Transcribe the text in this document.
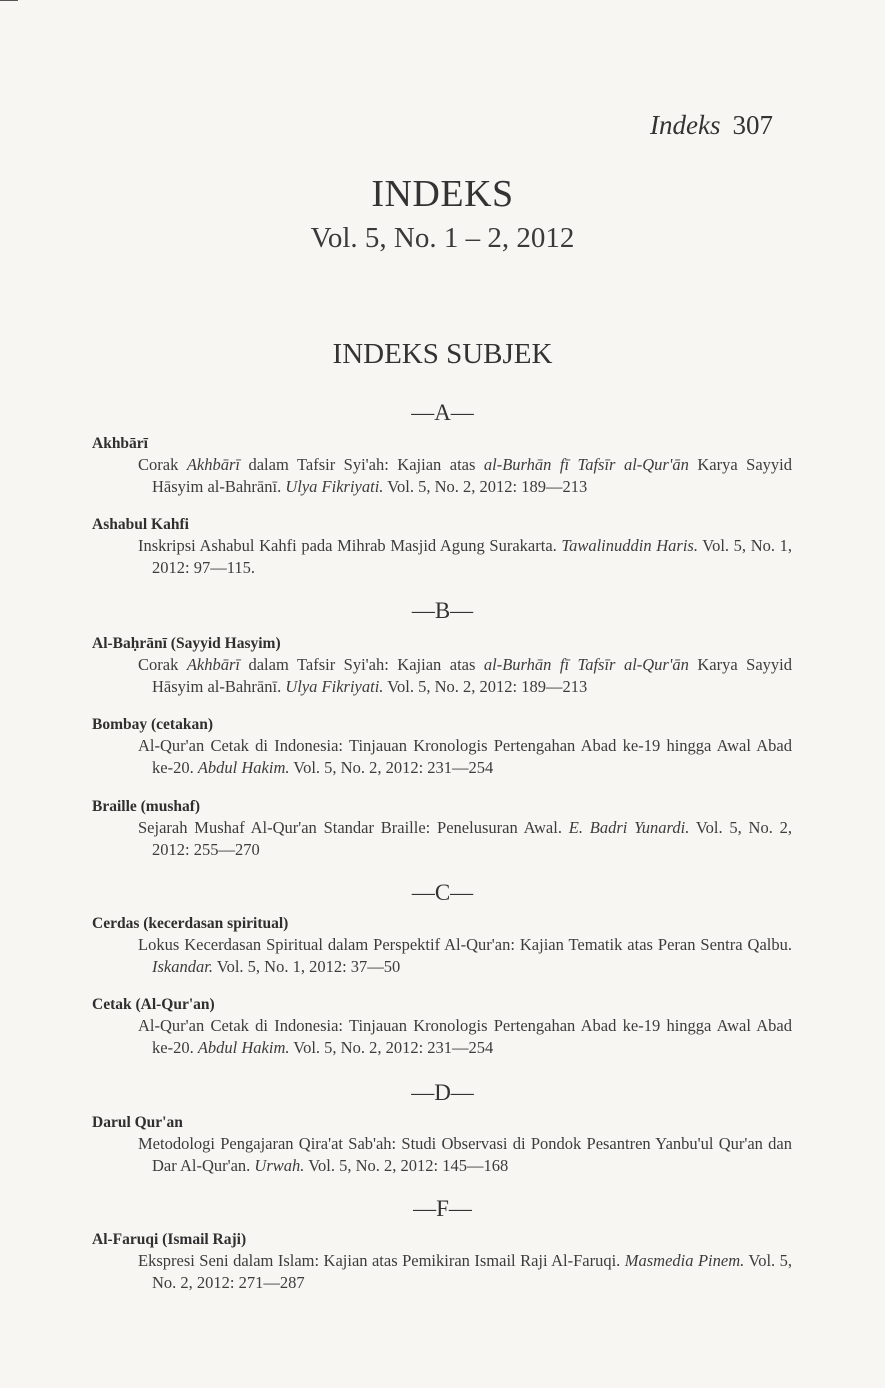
Indeks 307
INDEKS
Vol. 5, No. 1 – 2, 2012
INDEKS SUBJEK
—A—
Akhbārī
Corak Akhbārī dalam Tafsir Syi'ah: Kajian atas al-Burhān fī Tafsīr al-Qur'ān Karya Sayyid Hāsyim al-Bahrānī. Ulya Fikriyati. Vol. 5, No. 2, 2012: 189—213
Ashabul Kahfi
Inskripsi Ashabul Kahfi pada Mihrab Masjid Agung Surakarta. Tawalinuddin Haris. Vol. 5, No. 1, 2012: 97—115.
—B—
Al-Baḥrānī (Sayyid Hasyim)
Corak Akhbārī dalam Tafsir Syi'ah: Kajian atas al-Burhān fī Tafsīr al-Qur'ān Karya Sayyid Hāsyim al-Bahrānī. Ulya Fikriyati. Vol. 5, No. 2, 2012: 189—213
Bombay (cetakan)
Al-Qur'an Cetak di Indonesia: Tinjauan Kronologis Pertengahan Abad ke-19 hingga Awal Abad ke-20. Abdul Hakim. Vol. 5, No. 2, 2012: 231—254
Braille (mushaf)
Sejarah Mushaf Al-Qur'an Standar Braille: Penelusuran Awal. E. Badri Yunardi. Vol. 5, No. 2, 2012: 255—270
—C—
Cerdas (kecerdasan spiritual)
Lokus Kecerdasan Spiritual dalam Perspektif Al-Qur'an: Kajian Tematik atas Peran Sentra Qalbu. Iskandar. Vol. 5, No. 1, 2012: 37—50
Cetak (Al-Qur'an)
Al-Qur'an Cetak di Indonesia: Tinjauan Kronologis Pertengahan Abad ke-19 hingga Awal Abad ke-20. Abdul Hakim. Vol. 5, No. 2, 2012: 231—254
—D—
Darul Qur'an
Metodologi Pengajaran Qira'at Sab'ah: Studi Observasi di Pondok Pesantren Yanbu'ul Qur'an dan Dar Al-Qur'an. Urwah. Vol. 5, No. 2, 2012: 145—168
—F—
Al-Faruqi (Ismail Raji)
Ekspresi Seni dalam Islam: Kajian atas Pemikiran Ismail Raji Al-Faruqi. Masmedia Pinem. Vol. 5, No. 2, 2012: 271—287
